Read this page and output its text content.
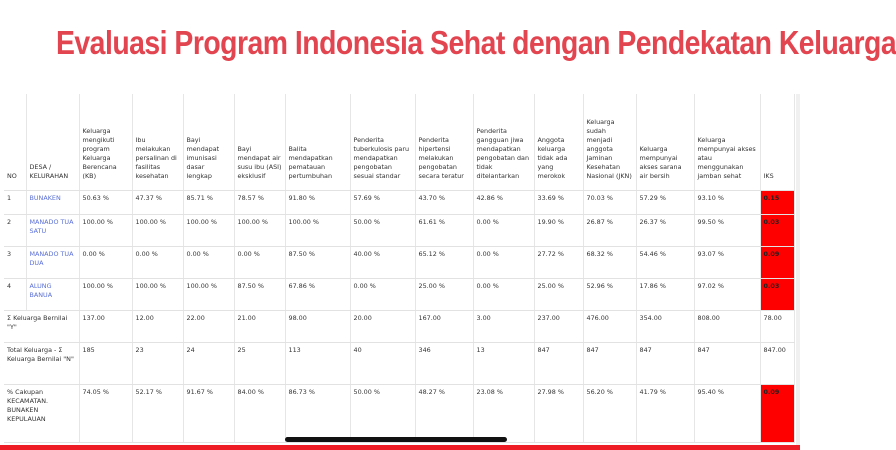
Evaluasi Program Indonesia Sehat dengan Pendekatan Keluarga
NO	DESA / KELURAHAN	Keluarga mengikuti program Keluarga Berencana (KB)	Ibu melakukan persalinan di fasilitas kesehatan	Bayi mendapat imunisasi dasar lengkap	Bayi mendapat air susu ibu (ASI) eksklusif	Balita mendapatkan pematauan pertumbuhan	Penderita tuberkulosis paru mendapatkan pengobatan sesuai standar	Penderita hipertensi melakukan pengobatan secara teratur	Penderita gangguan jiwa mendapatkan pengobatan dan tidak ditelantarkan	Anggota keluarga tidak ada yang merokok	Keluarga sudah menjadi anggota Jaminan Kesehatan Nasional (JKN)	Keluarga mempunyai akses sarana air bersih	Keluarga mempunyai akses atau menggunakan jamban sehat	IKS
1	BUNAKEN	50.63 %	47.37 %	85.71 %	78.57 %	91.80 %	57.69 %	43.70 %	42.86 %	33.69 %	70.03 %	57.29 %	93.10 %	0.15
2	MANADO TUA SATU	100.00 %	100.00 %	100.00 %	100.00 %	100.00 %	50.00 %	61.61 %	0.00 %	19.90 %	26.87 %	26.37 %	99.50 %	0.03
3	MANADO TUA DUA	0.00 %	0.00 %	0.00 %	0.00 %	87.50 %	40.00 %	65.12 %	0.00 %	27.72 %	68.32 %	54.46 %	93.07 %	0.09
4	ALUNG BANUA	100.00 %	100.00 %	100.00 %	87.50 %	67.86 %	0.00 %	25.00 %	0.00 %	25.00 %	52.96 %	17.86 %	97.02 %	0.03
Σ Keluarga Bernilai "Y"		137.00	12.00	22.00	21.00	98.00	20.00	167.00	3.00	237.00	476.00	354.00	808.00	78.00
Total Keluarga - Σ Keluarga Bernilai "N"		185	23	24	25	113	40	346	13	847	847	847	847	847.00
% Cakupan KECAMATAN. BUNAKEN KEPULAUAN		74.05 %	52.17 %	91.67 %	84.00 %	86.73 %	50.00 %	48.27 %	23.08 %	27.98 %	56.20 %	41.79 %	95.40 %	0.09
